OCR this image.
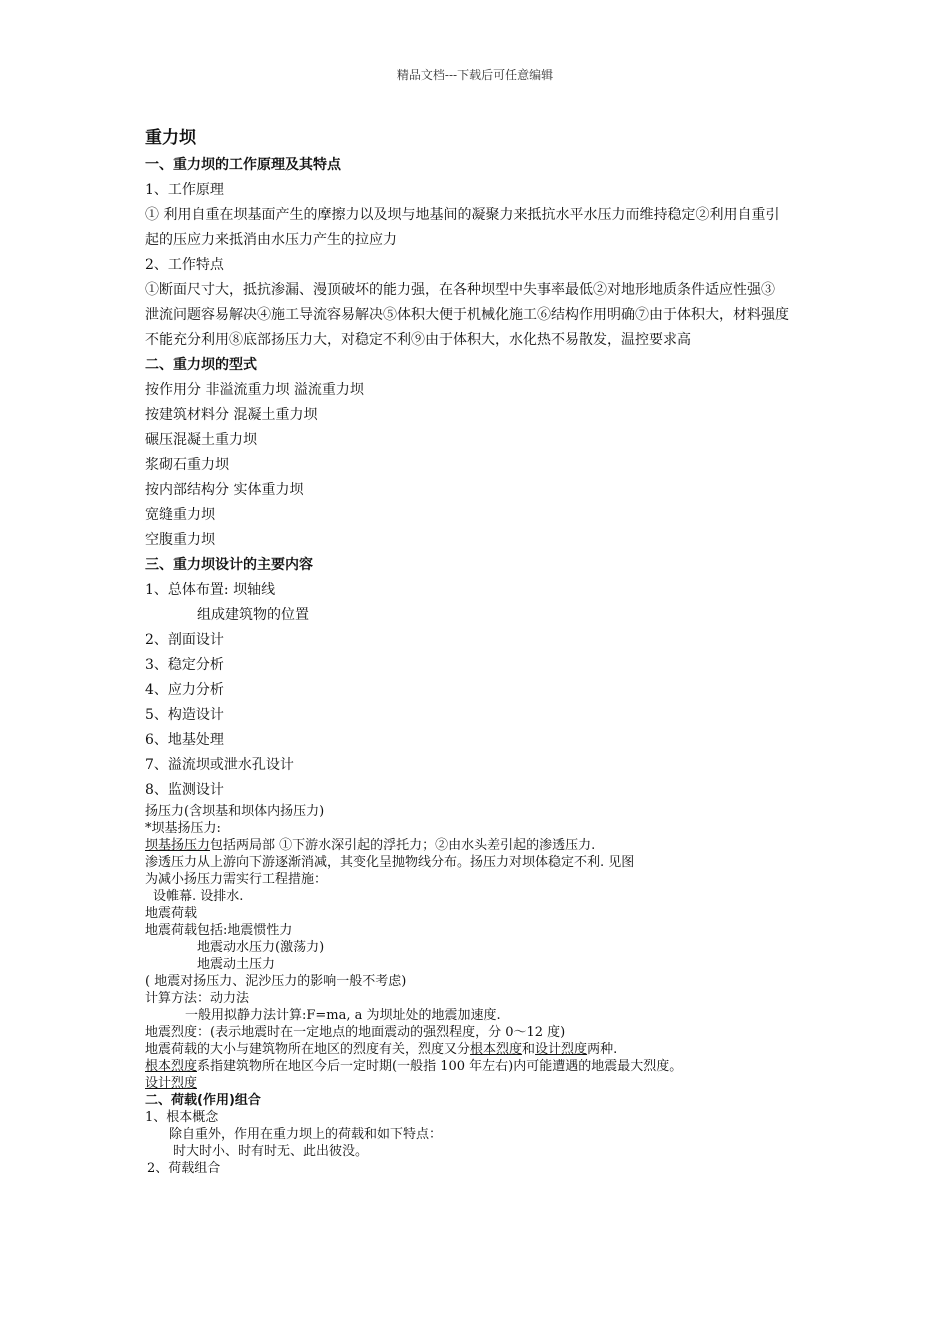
精品文档---下载后可任意编辑
重力坝
一、重力坝的工作原理及其特点
1、工作原理
① 利用自重在坝基面产生的摩擦力以及坝与地基间的凝聚力来抵抗水平水压力而维持稳定②利用自重引
起的压应力来抵消由水压力产生的拉应力
2、工作特点
①断面尺寸大，抵抗渗漏、漫顶破坏的能力强，在各种坝型中失事率最低②对地形地质条件适应性强③
泄流问题容易解决④施工导流容易解决⑤体积大便于机械化施工⑥结构作用明确⑦由于体积大，材料强度
不能充分利用⑧底部扬压力大，对稳定不利⑨由于体积大，水化热不易散发，温控要求高
二、重力坝的型式
按作用分 非溢流重力坝 溢流重力坝
按建筑材料分 混凝土重力坝
碾压混凝土重力坝
浆砌石重力坝
按内部结构分 实体重力坝
宽缝重力坝
空腹重力坝
三、重力坝设计的主要内容
1、总体布置: 坝轴线
组成建筑物的位置
2、剖面设计
3、稳定分析
4、应力分析
5、构造设计
6、地基处理
7、溢流坝或泄水孔设计
8、监测设计
扬压力(含坝基和坝体内扬压力)
*坝基扬压力:
坝基扬压力包括两局部 ①下游水深引起的浮托力；②由水头差引起的渗透压力.
渗透压力从上游向下游逐渐消减，其变化呈抛物线分布。扬压力对坝体稳定不利. 见图
为减小扬压力需实行工程措施：
设帷幕. 设排水.
地震荷载
地震荷载包括:地震惯性力
地震动水压力(激荡力)
地震动土压力
( 地震对扬压力、泥沙压力的影响一般不考虑)
计算方法：动力法
一般用拟静力法计算:F=ma, a 为坝址处的地震加速度.
地震烈度：(表示地震时在一定地点的地面震动的强烈程度，分 0～12 度)
地震荷载的大小与建筑物所在地区的烈度有关，烈度又分根本烈度和设计烈度两种.
根本烈度系指建筑物所在地区今后一定时期(一般指 100 年左右)内可能遭遇的地震最大烈度。
设计烈度
二、荷载(作用)组合
1、根本概念
除自重外，作用在重力坝上的荷载和如下特点：
时大时小、时有时无、此出彼没。
2、荷载组合
